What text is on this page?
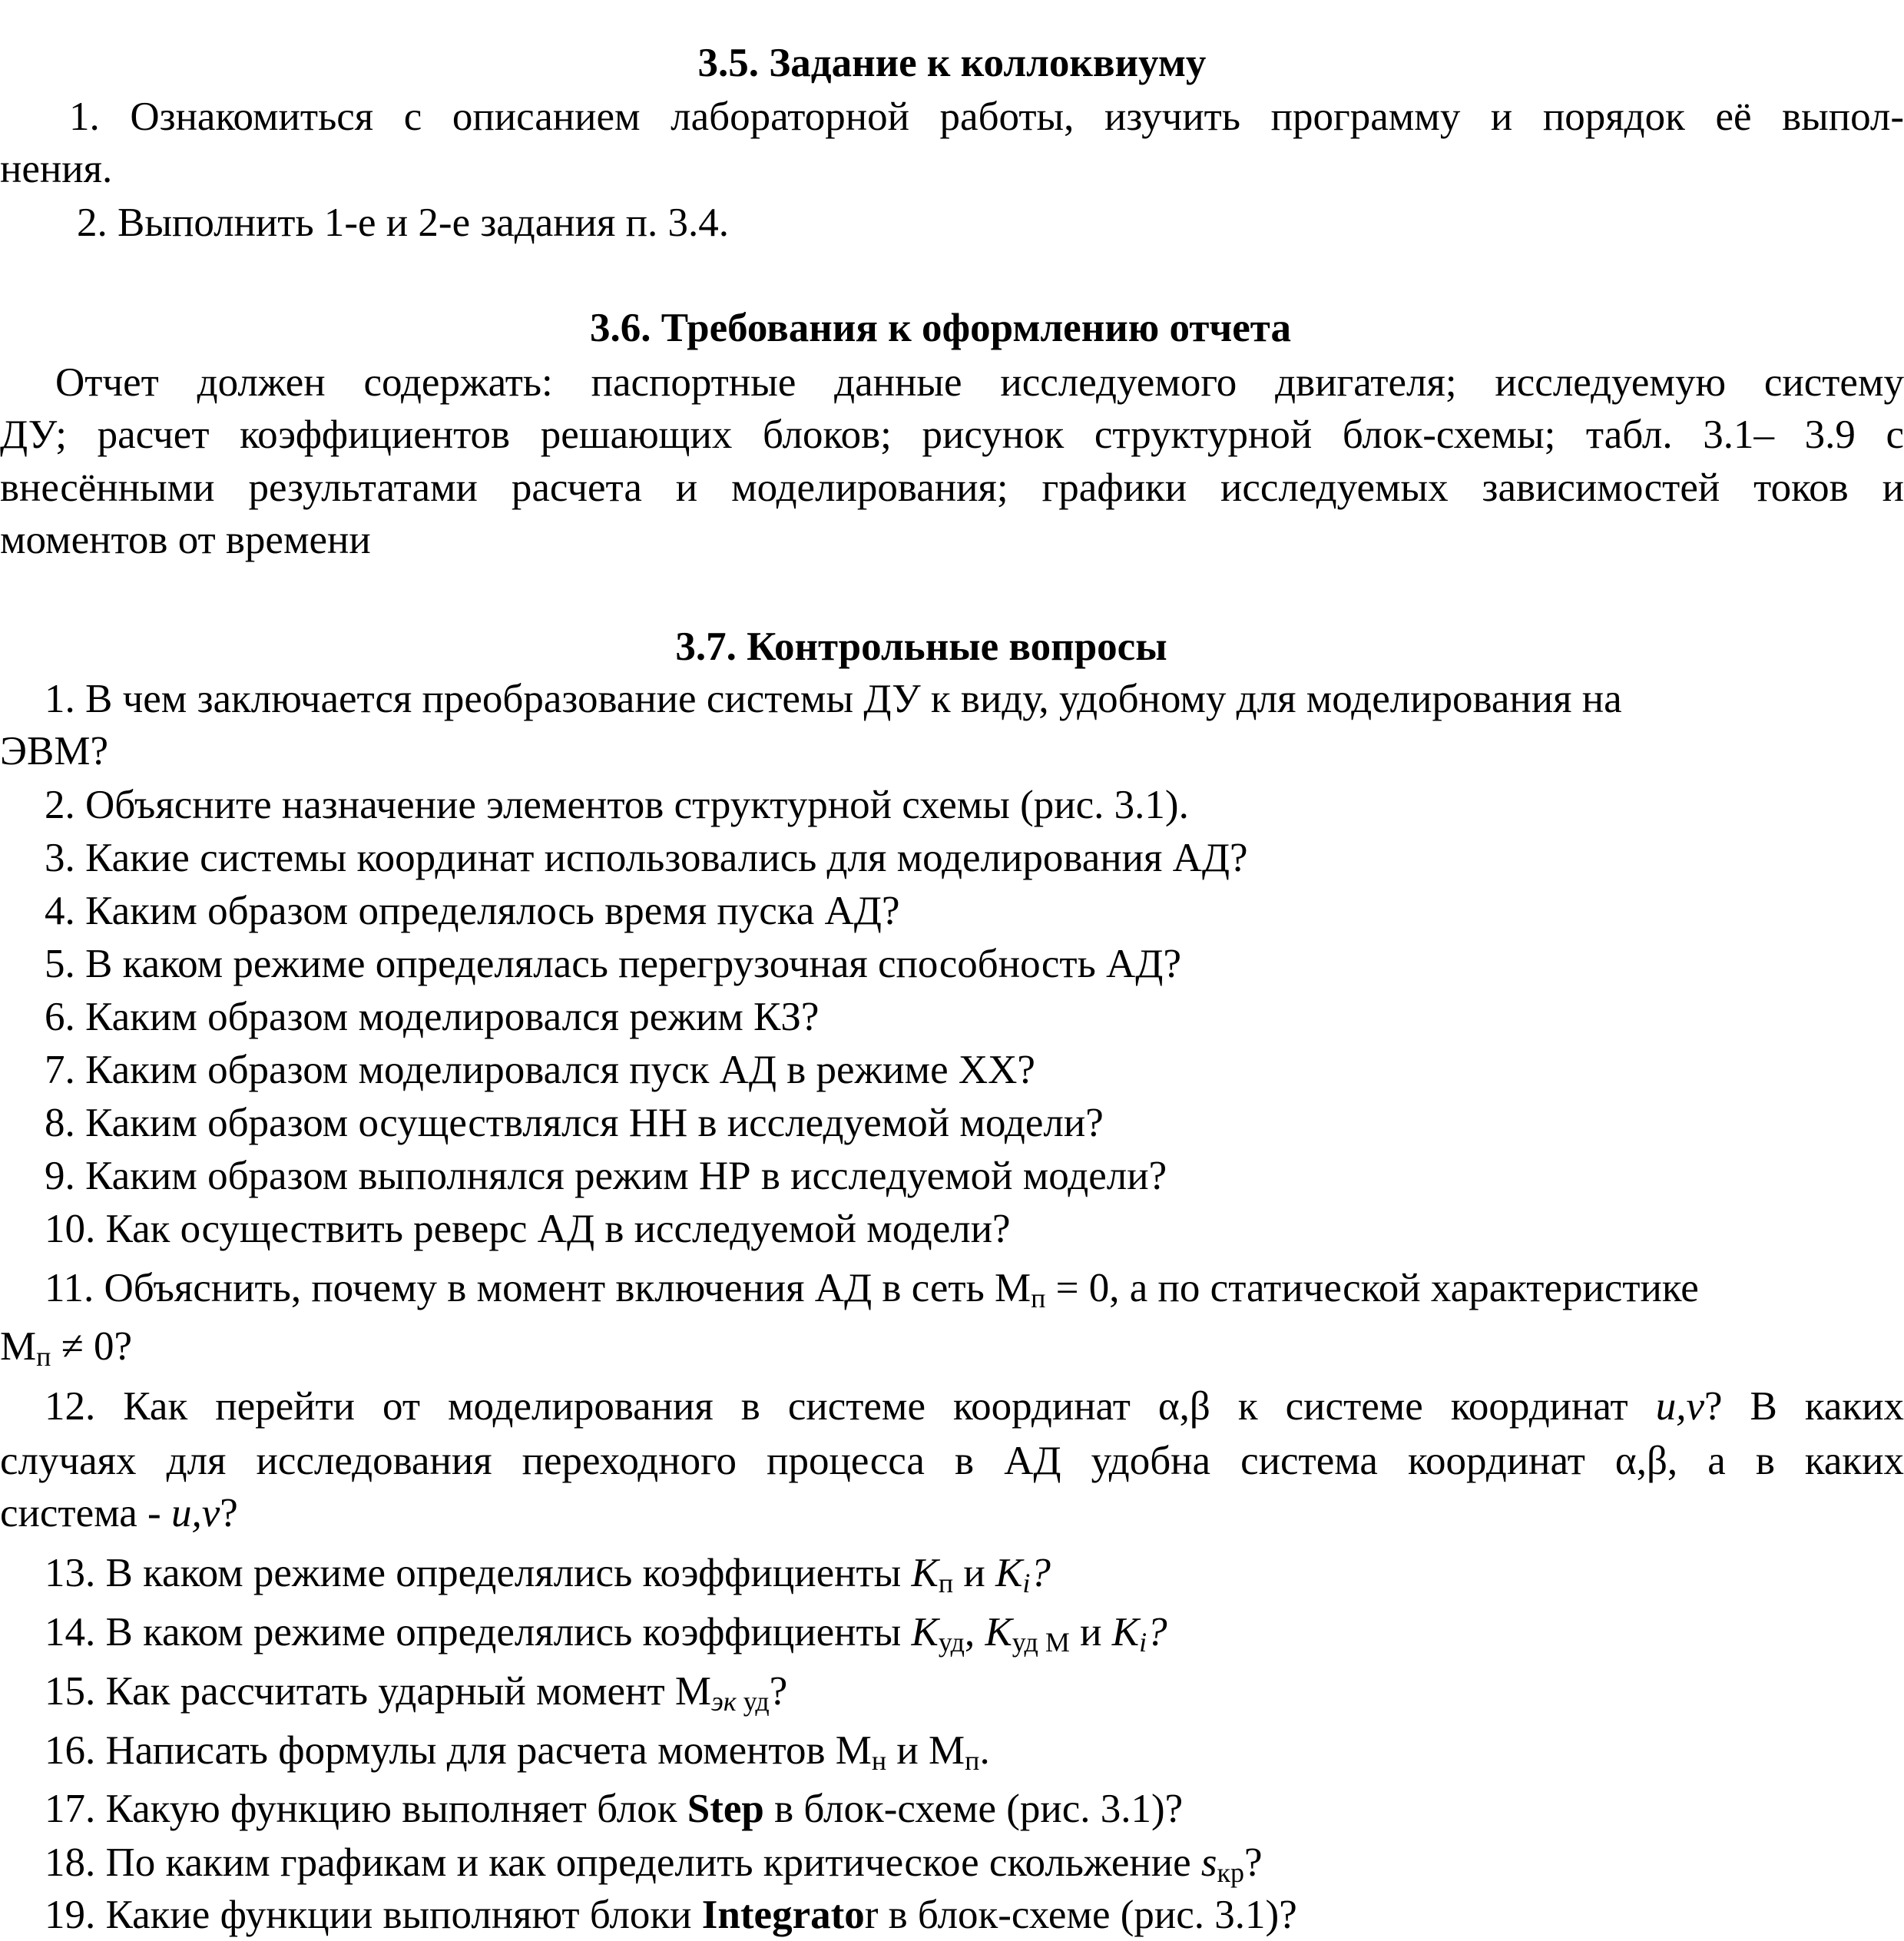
3.5. Задание к коллоквиуму

1. Ознакомиться с описанием лабораторной работы, изучить программу и порядок её выпол-

нения.

2. Выполнить 1-е и 2-е задания п. 3.4.

3.6. Требования к оформлению отчета

Отчет должен содержать: паспортные данные исследуемого двигателя; исследуемую систему

ДУ; расчет коэффициентов решающих блоков; рисунок структурной блок-схемы; табл. 3.1– 3.9 с

внесёнными результатами расчета и моделирования; графики исследуемых зависимостей токов и

моментов от времени

3.7. Контрольные вопросы

1. В чем заключается преобразование системы ДУ к виду, удобному для моделирования на

ЭВМ?

2. Объясните назначение элементов структурной схемы (рис. 3.1).

3. Какие системы координат использовались для моделирования АД?

4. Каким образом определялось время пуска АД?

5. В каком режиме определялась перегрузочная способность АД?

6. Каким образом моделировался режим КЗ?

7. Каким образом моделировался пуск АД в режиме ХХ?

8. Каким образом осуществлялся НН в исследуемой модели?

9. Каким образом выполнялся режим НР в исследуемой модели?

10. Как осуществить реверс АД в исследуемой модели?

11. Объяснить, почему в момент включения АД в сеть $М_п = 0$, а по статической характеристике

$М_п \ne 0$?

12. Как перейти от моделирования в системе координат α,β к системе координат u,v? В каких

случаях для исследования переходного процесса в АД удобна система координат α,β, а в каких

система - u,v?

13. В каком режиме определялись коэффициенты $K_п$ и $K_i$?

14. В каком режиме определялись коэффициенты $K_{уд}$, $K_{уд М}$ и $K_i$?

15. Как рассчитать ударный момент $М_{эк уд}$?

16. Написать формулы для расчета моментов $М_н$ и $М_п$.

17. Какую функцию выполняет блок Step в блок-схеме (рис. 3.1)?

18. По каким графикам и как определить критическое скольжение $s_{кр}$?

19. Какие функции выполняют блоки Integrator в блок-схеме (рис. 3.1)?
